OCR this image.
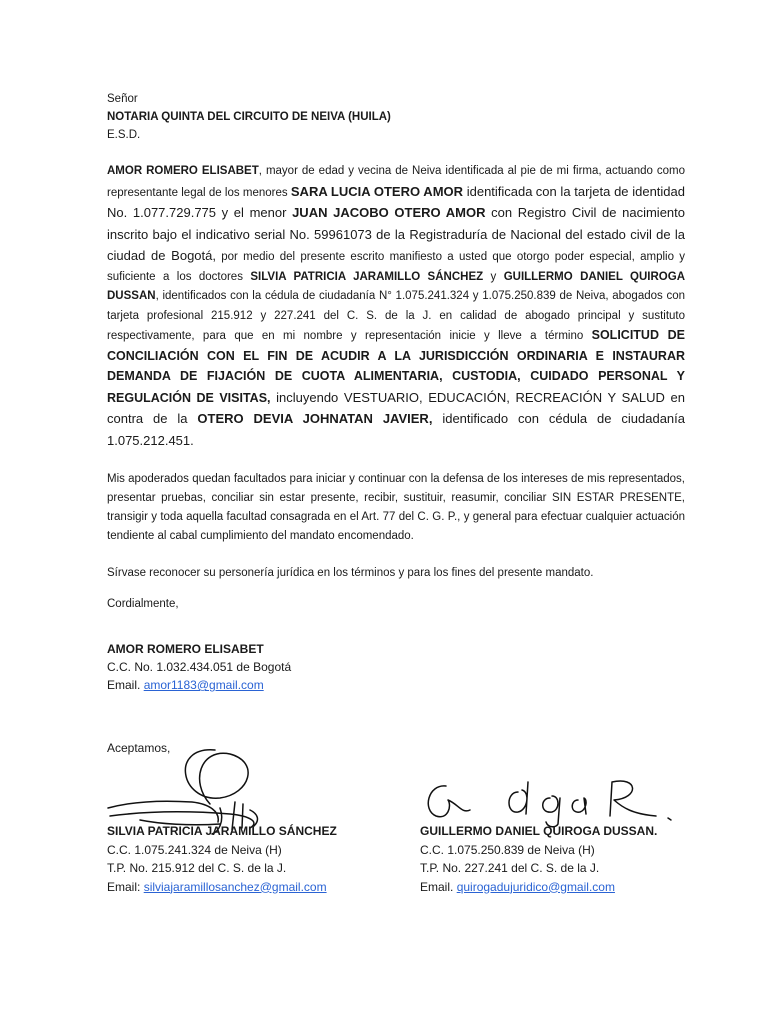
Señor
NOTARIA QUINTA DEL CIRCUITO DE NEIVA (HUILA)
E.S.D.

AMOR ROMERO ELISABET, mayor de edad y vecina de Neiva identificada al pie de mi firma, actuando como representante legal de los menores SARA LUCIA OTERO AMOR identificada con la tarjeta de identidad No. 1.077.729.775 y el menor JUAN JACOBO OTERO AMOR con Registro Civil de nacimiento inscrito bajo el indicativo serial No. 59961073 de la Registraduría de Nacional del estado civil de la ciudad de Bogotá, por medio del presente escrito manifiesto a usted que otorgo poder especial, amplio y suficiente a los doctores SILVIA PATRICIA JARAMILLO SÁNCHEZ y GUILLERMO DANIEL QUIROGA DUSSAN, identificados con la cédula de ciudadanía N° 1.075.241.324 y 1.075.250.839 de Neiva, abogados con tarjeta profesional 215.912 y 227.241 del C. S. de la J. en calidad de abogado principal y sustituto respectivamente, para que en mi nombre y representación inicie y lleve a término SOLICITUD DE CONCILIACIÓN CON EL FIN DE ACUDIR A LA JURISDICCIÓN ORDINARIA E INSTAURAR DEMANDA DE FIJACIÓN DE CUOTA ALIMENTARIA, CUSTODIA, CUIDADO PERSONAL Y REGULACIÓN DE VISITAS, incluyendo VESTUARIO, EDUCACIÓN, RECREACIÓN Y SALUD en contra de la OTERO DEVIA JOHNATAN JAVIER, identificado con cédula de ciudadanía 1.075.212.451.

Mis apoderados quedan facultados para iniciar y continuar con la defensa de los intereses de mis representados, presentar pruebas, conciliar sin estar presente, recibir, sustituir, reasumir, conciliar SIN ESTAR PRESENTE, transigir y toda aquella facultad consagrada en el Art. 77 del C. G. P., y general para efectuar cualquier actuación tendiente al cabal cumplimiento del mandato encomendado.

Sírvase reconocer su personería jurídica en los términos y para los fines del presente mandato.

Cordialmente,

AMOR ROMERO ELISABET
C.C. No. 1.032.434.051 de Bogotá
Email. amor1183@gmail.com
Aceptamos,
SILVIA PATRICIA JARAMILLO SÁNCHEZ
C.C. 1.075.241.324 de Neiva (H)
T.P. No. 215.912 del C. S. de la J.
Email: silviajaramillosanchez@gmail.com
GUILLERMO DANIEL QUIROGA DUSSAN.
C.C. 1.075.250.839 de Neiva (H)
T.P. No. 227.241 del C. S. de la J.
Email. quirogadujuridico@gmail.com
